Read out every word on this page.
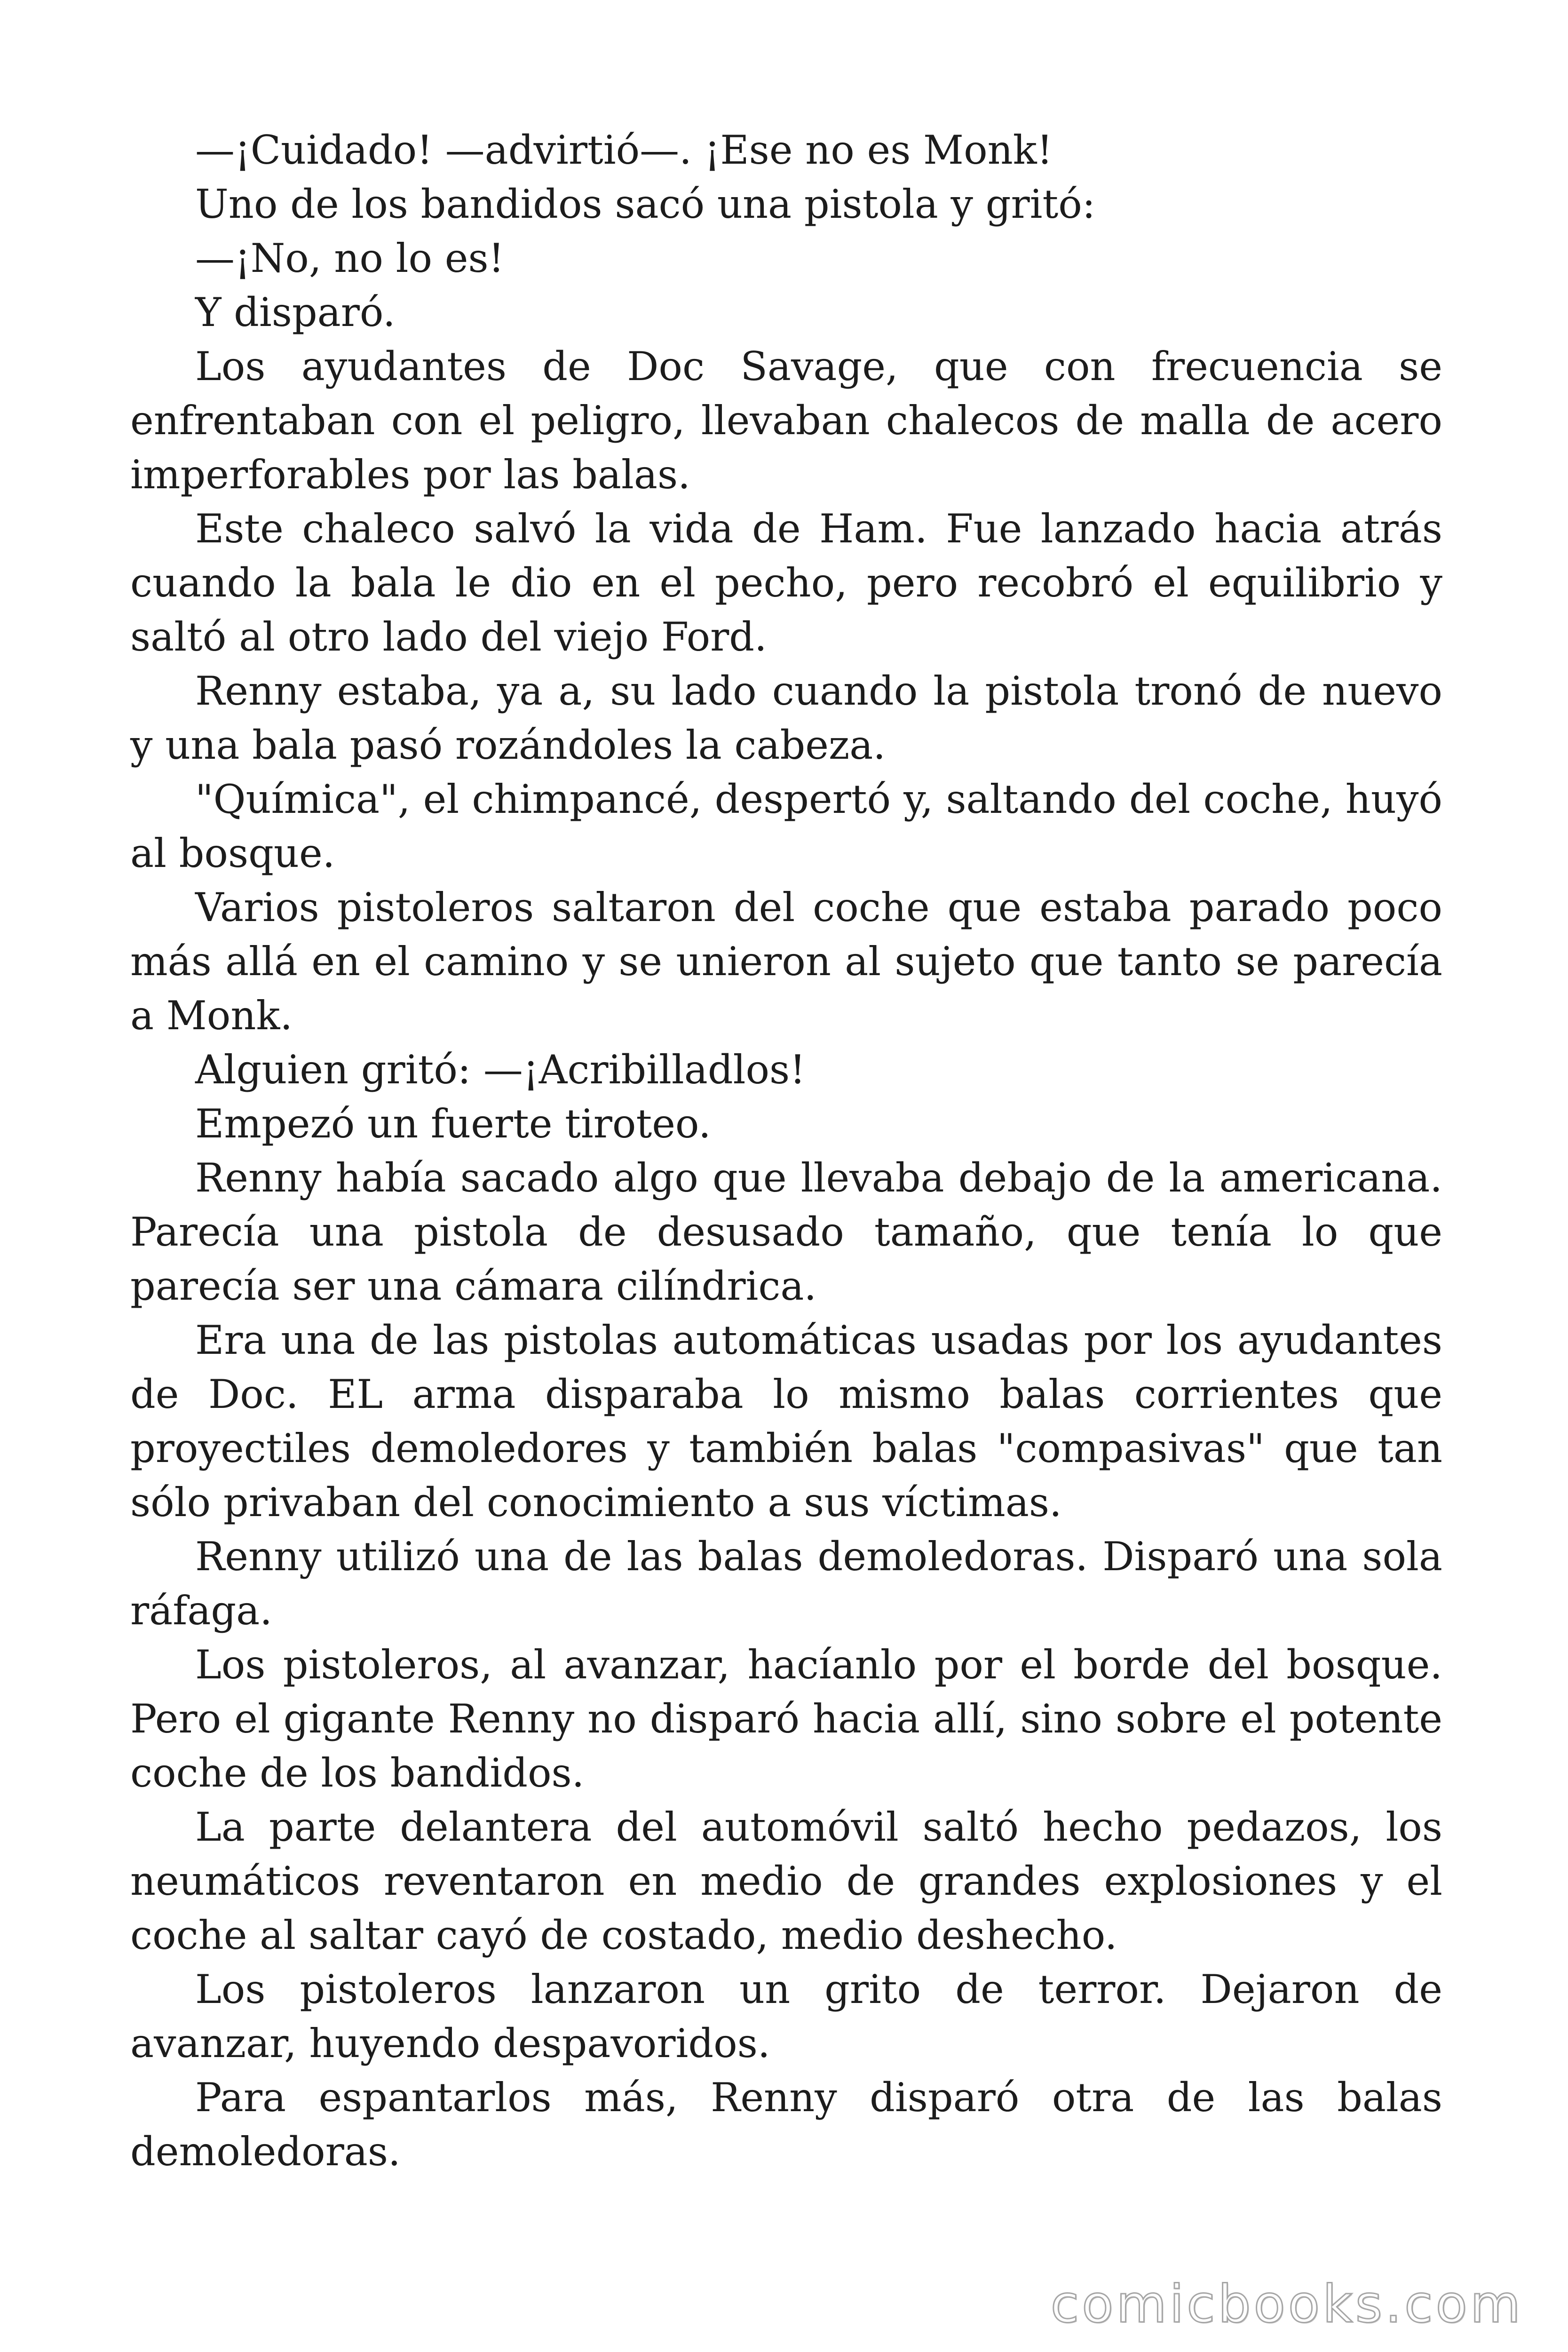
—¡Cuidado! —advirtió—. ¡Ese no es Monk!

Uno de los bandidos sacó una pistola y gritó:

—¡No, no lo es!

Y disparó.

Los ayudantes de Doc Savage, que con frecuencia se enfrentaban con el peligro, llevaban chalecos de malla de acero imperforables por las balas.

Este chaleco salvó la vida de Ham. Fue lanzado hacia atrás cuando la bala le dio en el pecho, pero recobró el equilibrio y saltó al otro lado del viejo Ford.

Renny estaba, ya a, su lado cuando la pistola tronó de nuevo y una bala pasó rozándoles la cabeza.

"Química", el chimpancé, despertó y, saltando del coche, huyó al bosque.

Varios pistoleros saltaron del coche que estaba parado poco más allá en el camino y se unieron al sujeto que tanto se parecía a Monk.

Alguien gritó: —¡Acribilladlos!

Empezó un fuerte tiroteo.

Renny había sacado algo que llevaba debajo de la americana. Parecía una pistola de desusado tamaño, que tenía lo que parecía ser una cámara cilíndrica.

Era una de las pistolas automáticas usadas por los ayudantes de Doc. EL arma disparaba lo mismo balas corrientes que proyectiles demoledores y también balas "compasivas" que tan sólo privaban del conocimiento a sus víctimas.

Renny utilizó una de las balas demoledoras. Disparó una sola ráfaga.

Los pistoleros, al avanzar, hacíanlo por el borde del bosque. Pero el gigante Renny no disparó hacia allí, sino sobre el potente coche de los bandidos.

La parte delantera del automóvil saltó hecho pedazos, los neumáticos reventaron en medio de grandes explosiones y el coche al saltar cayó de costado, medio deshecho.

Los pistoleros lanzaron un grito de terror. Dejaron de avanzar, huyendo despavoridos.

Para espantarlos más, Renny disparó otra de las balas demoledoras.

comicbooks.com
